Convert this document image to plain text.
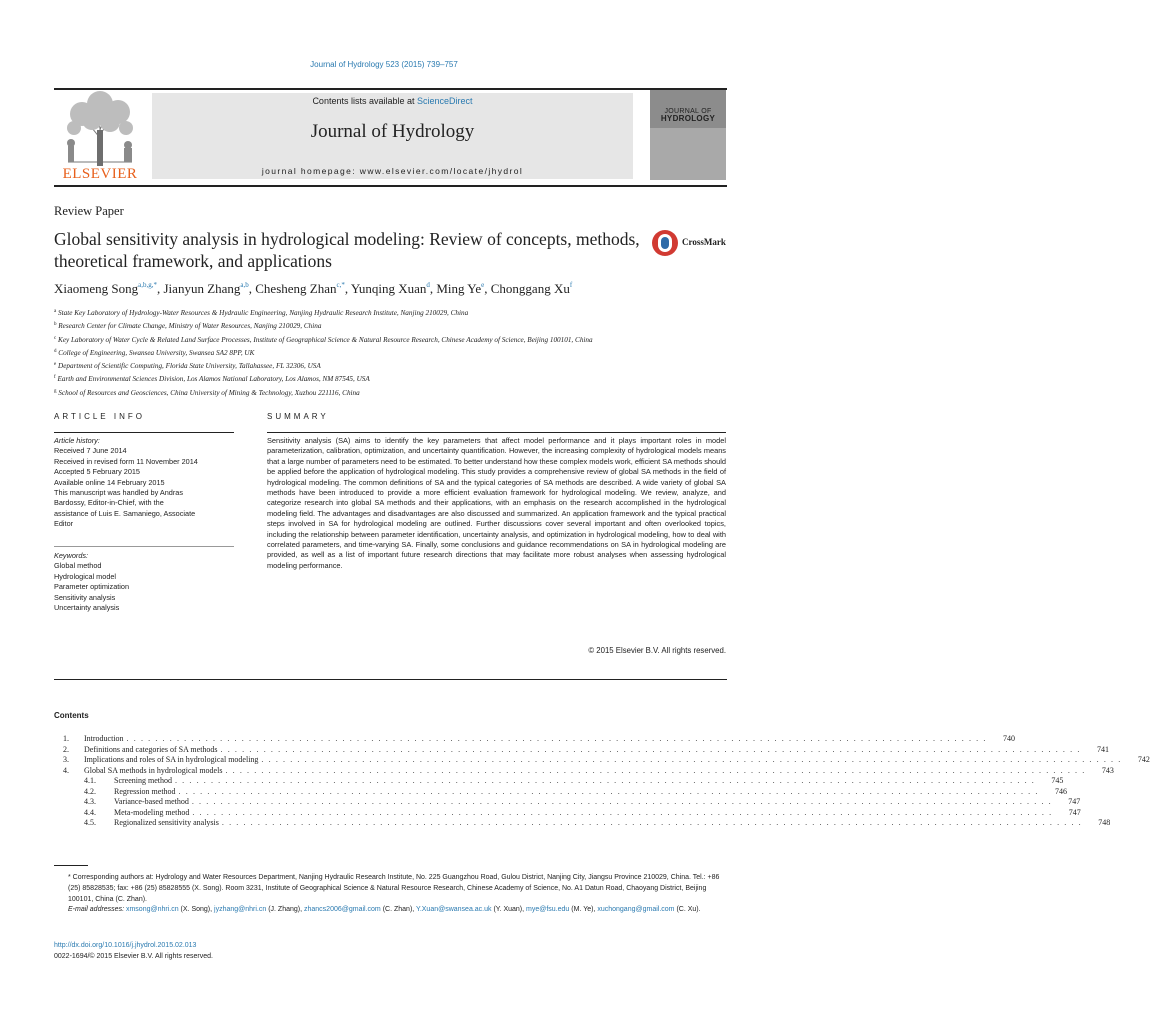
Journal of Hydrology 523 (2015) 739–757
ELSEVIER
Contents lists available at ScienceDirect
Journal of Hydrology
journal homepage: www.elsevier.com/locate/jhydrol
JOURNAL OF
HYDROLOGY
Review Paper
Global sensitivity analysis in hydrological modeling: Review of concepts, methods, theoretical framework, and applications
CrossMark
Xiaomeng Song$^{a,b,g,*}$, Jianyun Zhang$^{a,b}$, Chesheng Zhan$^{c,*}$, Yunqing Xuan$^d$, Ming Ye$^e$, Chonggang Xu$^f$
$^a$ State Key Laboratory of Hydrology-Water Resources & Hydraulic Engineering, Nanjing Hydraulic Research Institute, Nanjing 210029, China
$^b$ Research Center for Climate Change, Ministry of Water Resources, Nanjing 210029, China
$^c$ Key Laboratory of Water Cycle & Related Land Surface Processes, Institute of Geographical Science & Natural Resource Research, Chinese Academy of Science, Beijing 100101, China
$^d$ College of Engineering, Swansea University, Swansea SA2 8PP, UK
$^e$ Department of Scientific Computing, Florida State University, Tallahassee, FL 32306, USA
$^f$ Earth and Environmental Sciences Division, Los Alamos National Laboratory, Los Alamos, NM 87545, USA
$^g$ School of Resources and Geosciences, China University of Mining & Technology, Xuzhou 221116, China
ARTICLE INFO	SUMMARY
Article history:
Received 7 June 2014
Received in revised form 11 November 2014
Accepted 5 February 2015
Available online 14 February 2015
This manuscript was handled by Andras
Bardossy, Editor-in-Chief, with the
assistance of Luis E. Samaniego, Associate
Editor
Keywords:
Global method
Hydrological model
Parameter optimization
Sensitivity analysis
Uncertainty analysis
Sensitivity analysis (SA) aims to identify the key parameters that affect model performance and it plays important roles in model parameterization, calibration, optimization, and uncertainty quantification. However, the increasing complexity of hydrological models means that a large number of parameters need to be estimated. To better understand how these complex models work, efficient SA methods should be applied before the application of hydrological modeling. This study provides a comprehensive review of global SA methods in the field of hydrological modeling. The common definitions of SA and the typical categories of SA methods are described. A wide variety of global SA methods have been introduced to provide a more efficient evaluation framework for hydrological modeling. We review, analyze, and categorize research into global SA methods and their applications, with an emphasis on the research accomplished in the hydrological modeling field. The advantages and disadvantages are also discussed and summarized. An application framework and the typical practical steps involved in SA for hydrological modeling are outlined. Further discussions cover several important and often overlooked topics, including the relationship between parameter identification, uncertainty analysis, and optimization in hydrological modeling, how to deal with correlated parameters, and time-varying SA. Finally, some conclusions and guidance recommendations on SA in hydrological modeling are provided, as well as a list of important future research directions that may facilitate more robust analyses when assessing hydrological modeling performance.
© 2015 Elsevier B.V. All rights reserved.
Contents
1.	Introduction . . . . . . . . . . . . . . . . . . . . . . . . . . . . . . . . . . . . . . . . . . . . . . . . . . . . . . . . . . . . . . . . . . . . . . . . . . . . . . . . . . . . . . . . . . . . . . . . . . . . . . . . . . . . . . . . . . . . . . . .	740
2.	Definitions and categories of SA methods . . . . . . . . . . . . . . . . . . . . . . . . . . . . . . . . . . . . . . . . . . . . . . . . . . . . . . . . . . . . . . . . . . . . . . . . . . . . . . . . . . . . . . . . . . . . . . . . . . . . . . . . . . . . . . . . . . . . . . . .	741
3.	Implications and roles of SA in hydrological modeling . . . . . . . . . . . . . . . . . . . . . . . . . . . . . . . . . . . . . . . . . . . . . . . . . . . . . . . . . . . . . . . . . . . . . . . . . . . . . . . . . . . . . . . . . . . . . . . . . . . . . . . . . . . . . . . . . . . . . . . .	742
4.	Global SA methods in hydrological models . . . . . . . . . . . . . . . . . . . . . . . . . . . . . . . . . . . . . . . . . . . . . . . . . . . . . . . . . . . . . . . . . . . . . . . . . . . . . . . . . . . . . . . . . . . . . . . . . . . . . . . . . . . . . . . . . . . . . . . .	743
4.1.	Screening method . . . . . . . . . . . . . . . . . . . . . . . . . . . . . . . . . . . . . . . . . . . . . . . . . . . . . . . . . . . . . . . . . . . . . . . . . . . . . . . . . . . . . . . . . . . . . . . . . . . . . . . . . . . . . . . . . . . . . . . .	745
4.2.	Regression method . . . . . . . . . . . . . . . . . . . . . . . . . . . . . . . . . . . . . . . . . . . . . . . . . . . . . . . . . . . . . . . . . . . . . . . . . . . . . . . . . . . . . . . . . . . . . . . . . . . . . . . . . . . . . . . . . . . . . . . .	746
4.3.	Variance-based method . . . . . . . . . . . . . . . . . . . . . . . . . . . . . . . . . . . . . . . . . . . . . . . . . . . . . . . . . . . . . . . . . . . . . . . . . . . . . . . . . . . . . . . . . . . . . . . . . . . . . . . . . . . . . . . . . . . . . . . .	747
4.4.	Meta-modeling method . . . . . . . . . . . . . . . . . . . . . . . . . . . . . . . . . . . . . . . . . . . . . . . . . . . . . . . . . . . . . . . . . . . . . . . . . . . . . . . . . . . . . . . . . . . . . . . . . . . . . . . . . . . . . . . . . . . . . . . .	747
4.5.	Regionalized sensitivity analysis . . . . . . . . . . . . . . . . . . . . . . . . . . . . . . . . . . . . . . . . . . . . . . . . . . . . . . . . . . . . . . . . . . . . . . . . . . . . . . . . . . . . . . . . . . . . . . . . . . . . . . . . . . . . . . . . . . . . . . . .	748
* Corresponding authors at: Hydrology and Water Resources Department, Nanjing Hydraulic Research Institute, No. 225 Guangzhou Road, Gulou District, Nanjing City, Jiangsu Province 210029, China. Tel.: +86 (25) 85828535; fax: +86 (25) 85828555 (X. Song). Room 3231, Institute of Geographical Science & Natural Resource Research, Chinese Academy of Science, No. A1 Datun Road, Chaoyang District, Beijing 100101, China (C. Zhan).
E-mail addresses: xmsong@nhri.cn (X. Song), jyzhang@nhri.cn (J. Zhang), zhancs2006@gmail.com (C. Zhan), Y.Xuan@swansea.ac.uk (Y. Xuan), mye@fsu.edu (M. Ye), xuchongang@gmail.com (C. Xu).
http://dx.doi.org/10.1016/j.jhydrol.2015.02.013
0022-1694/© 2015 Elsevier B.V. All rights reserved.
